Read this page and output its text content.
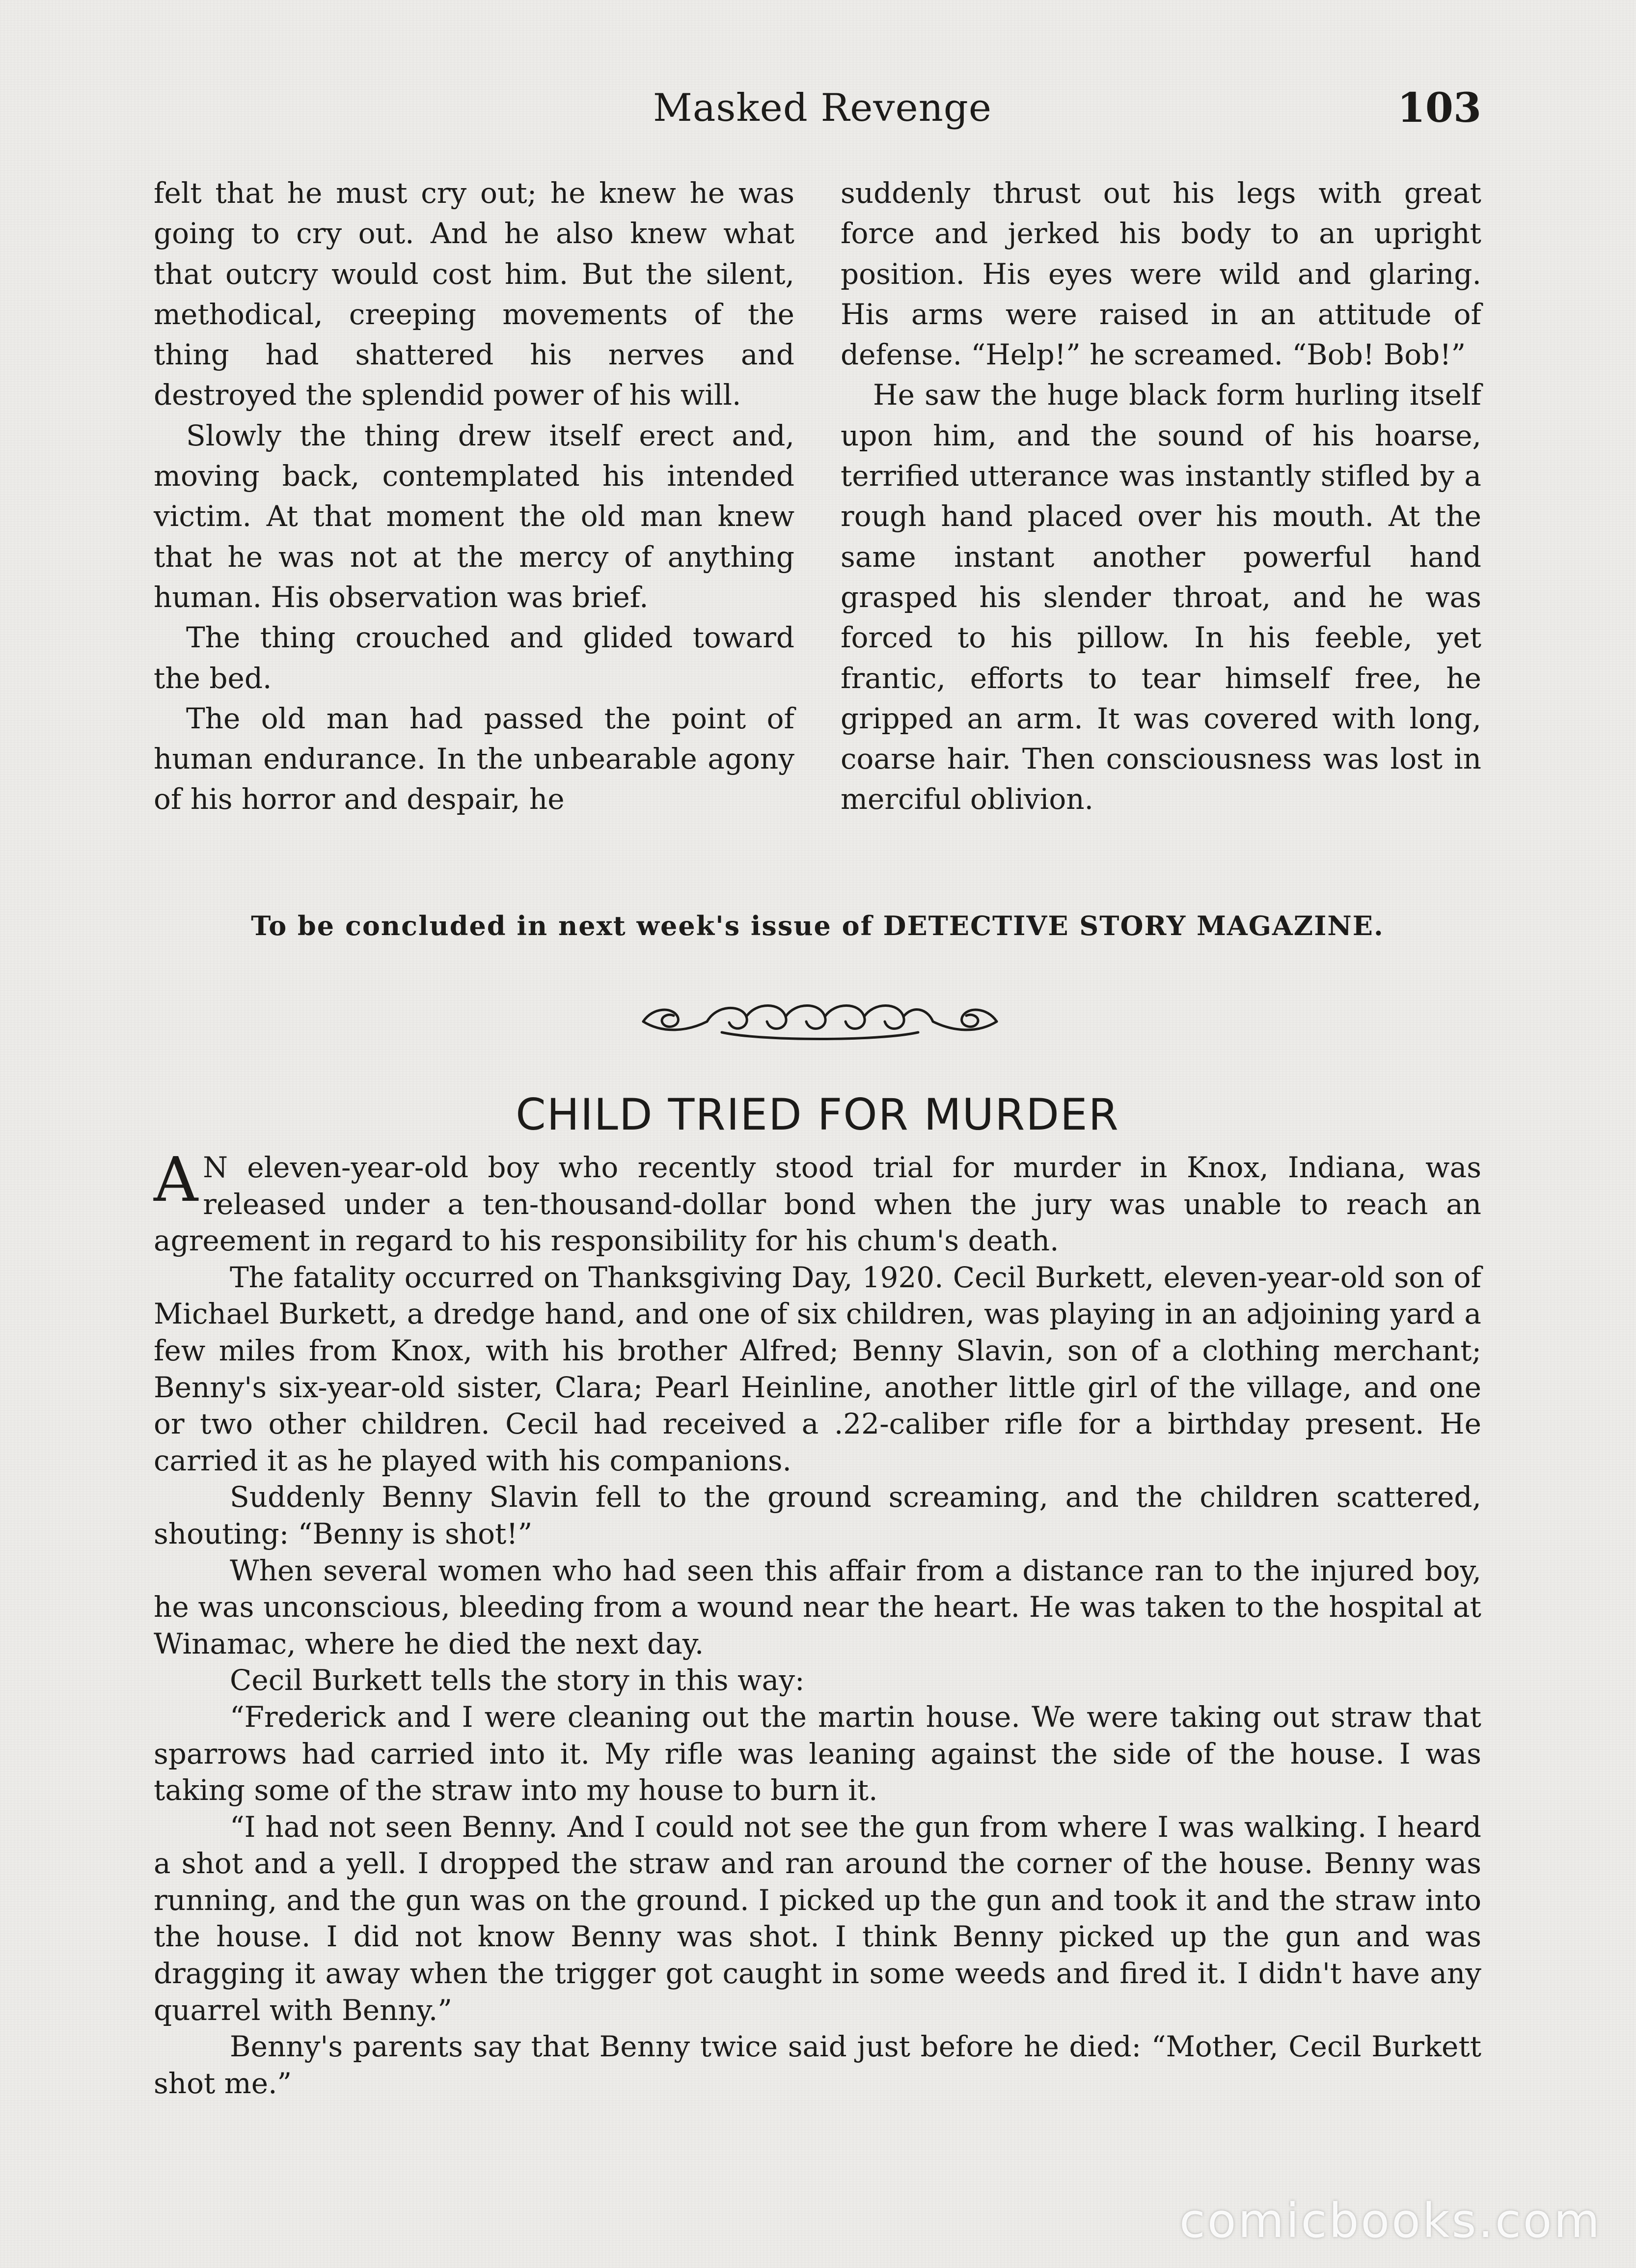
Masked Revenge	103

felt that he must cry out; he knew he was going to cry out. And he also knew what that outcry would cost him. But the silent, methodical, creeping movements of the thing had shattered his nerves and destroyed the splendid power of his will.

Slowly the thing drew itself erect and, moving back, contemplated his intended victim. At that moment the old man knew that he was not at the mercy of anything human. His observation was brief.

The thing crouched and glided toward the bed.

The old man had passed the point of human endurance. In the unbearable agony of his horror and despair, he

suddenly thrust out his legs with great force and jerked his body to an upright position. His eyes were wild and glaring. His arms were raised in an attitude of defense. “Help!” he screamed. “Bob! Bob!”

He saw the huge black form hurling itself upon him, and the sound of his hoarse, terrified utterance was instantly stifled by a rough hand placed over his mouth. At the same instant another powerful hand grasped his slender throat, and he was forced to his pillow. In his feeble, yet frantic, efforts to tear himself free, he gripped an arm. It was covered with long, coarse hair. Then consciousness was lost in merciful oblivion.

To be concluded in next week's issue of DETECTIVE STORY MAGAZINE.
CHILD TRIED FOR MURDER

A N eleven-year-old boy who recently stood trial for murder in Knox, Indiana, was released under a ten-thousand-dollar bond when the jury was unable to reach an agreement in regard to his responsibility for his chum's death.

The fatality occurred on Thanksgiving Day, 1920. Cecil Burkett, eleven-year-old son of Michael Burkett, a dredge hand, and one of six children, was playing in an adjoining yard a few miles from Knox, with his brother Alfred; Benny Slavin, son of a clothing merchant; Benny's six-year-old sister, Clara; Pearl Heinline, another little girl of the village, and one or two other children. Cecil had received a .22-caliber rifle for a birthday present. He carried it as he played with his companions.

Suddenly Benny Slavin fell to the ground screaming, and the children scattered, shouting: “Benny is shot!”

When several women who had seen this affair from a distance ran to the injured boy, he was unconscious, bleeding from a wound near the heart. He was taken to the hospital at Winamac, where he died the next day.

Cecil Burkett tells the story in this way:

“Frederick and I were cleaning out the martin house. We were taking out straw that sparrows had carried into it. My rifle was leaning against the side of the house. I was taking some of the straw into my house to burn it.

“I had not seen Benny. And I could not see the gun from where I was walking. I heard a shot and a yell. I dropped the straw and ran around the corner of the house. Benny was running, and the gun was on the ground. I picked up the gun and took it and the straw into the house. I did not know Benny was shot. I think Benny picked up the gun and was dragging it away when the trigger got caught in some weeds and fired it. I didn't have any quarrel with Benny.”

Benny's parents say that Benny twice said just before he died: “Mother, Cecil Burkett shot me.”

comicbooks.com
